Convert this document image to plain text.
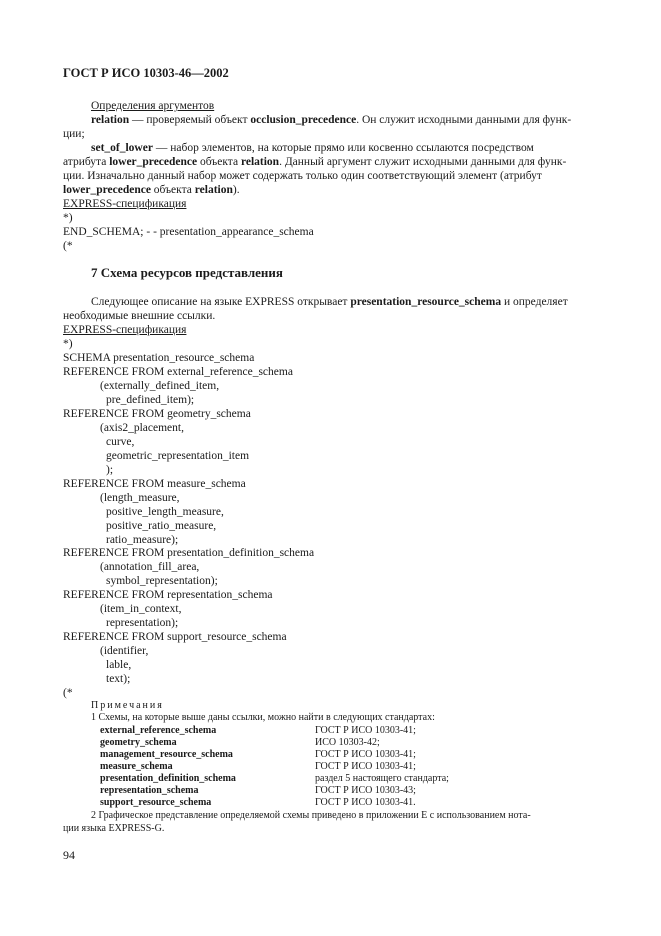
ГОСТ Р ИСО 10303-46—2002
Определения аргументов
relation — проверяемый объект occlusion_precedence. Он служит исходными данными для функ-
ции;
set_of_lower — набор элементов, на которые прямо или косвенно ссылаются посредством
атрибута lower_precedence объекта relation. Данный аргумент служит исходными данными для функ-
ции. Изначально данный набор может содержать только один соответствующий элемент (атрибут
lower_precedence объекта relation).
EXPRESS-спецификация
*)
END_SCHEMA; - - presentation_appearance_schema
(*
7 Схема ресурсов представления
Следующее описание на языке EXPRESS открывает presentation_resource_schema и определяет
необходимые внешние ссылки.
EXPRESS-спецификация
*)
SCHEMA presentation_resource_schema
REFERENCE FROM external_reference_schema
(externally_defined_item,
pre_defined_item);
REFERENCE FROM geometry_schema
(axis2_placement,
curve,
geometric_representation_item
);
REFERENCE FROM measure_schema
(length_measure,
positive_length_measure,
positive_ratio_measure,
ratio_measure);
REFERENCE FROM presentation_definition_schema
(annotation_fill_area,
symbol_representation);
REFERENCE FROM representation_schema
(item_in_context,
representation);
REFERENCE FROM support_resource_schema
(identifier,
lable,
text);
(*
Примечания
1 Схемы, на которые выше даны ссылки, можно найти в следующих стандартах:
external_reference_schema	ГОСТ Р ИСО 10303-41;
geometry_schema	ИСО 10303-42;
management_resource_schema	ГОСТ Р ИСО 10303-41;
measure_schema	ГОСТ Р ИСО 10303-41;
presentation_definition_schema	раздел 5 настоящего стандарта;
representation_schema	ГОСТ Р ИСО 10303-43;
support_resource_schema	ГОСТ Р ИСО 10303-41.
2 Графическое представление определяемой схемы приведено в приложении Е с использованием нота-
ции языка EXPRESS-G.
94
